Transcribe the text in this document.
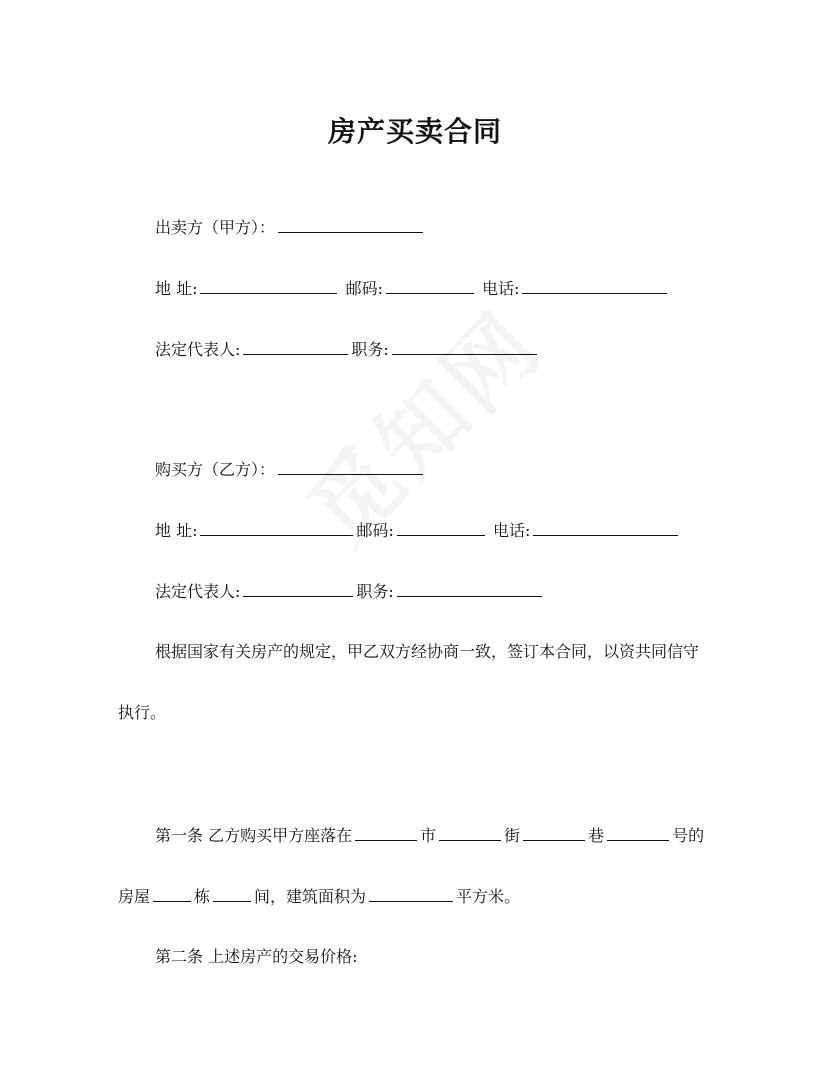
房产买卖合同
出卖方（甲方）：
地 址:	邮码:	电话:
法定代表人:	职务:
购买方（乙方）：
地 址:	邮码:	电话:
法定代表人:	职务:
根据国家有关房产的规定，甲乙双方经协商一致，签订本合同，以资共同信守
执行。
第一条 乙方购买甲方座落在	市	街	巷	号的
房屋	栋	间，建筑面积为	平方米。
第二条 上述房产的交易价格:
